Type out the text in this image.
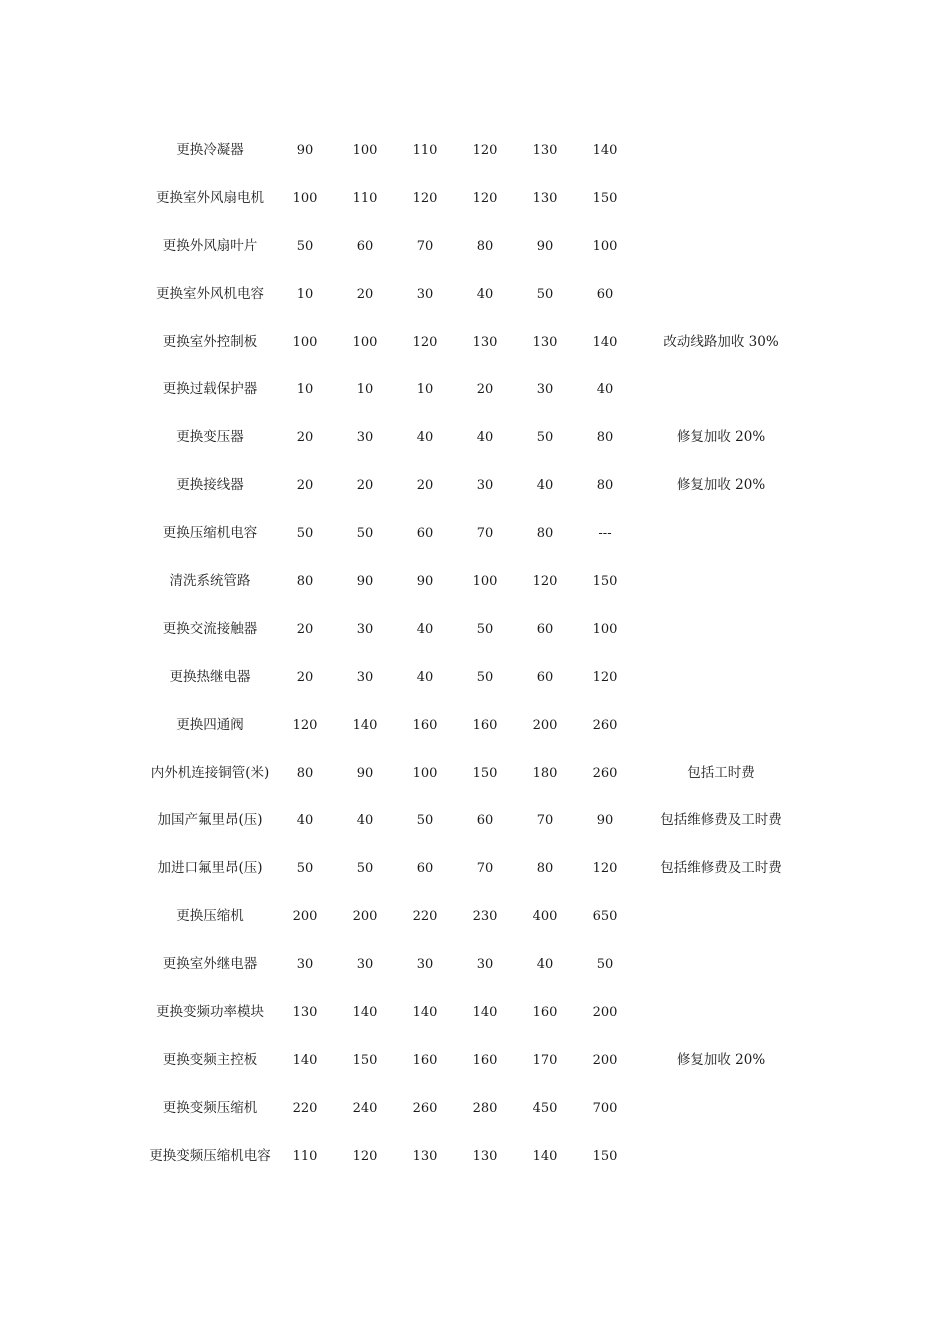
更换冷凝器	90	100	110	120	130	140
更换室外风扇电机	100	110	120	120	130	150
更换外风扇叶片	50	60	70	80	90	100
更换室外风机电容	10	20	30	40	50	60
更换室外控制板	100	100	120	130	130	140	改动线路加收 30%
更换过载保护器	10	10	10	20	30	40
更换变压器	20	30	40	40	50	80	修复加收 20%
更换接线器	20	20	20	30	40	80	修复加收 20%
更换压缩机电容	50	50	60	70	80	---
清洗系统管路	80	90	90	100	120	150
更换交流接触器	20	30	40	50	60	100
更换热继电器	20	30	40	50	60	120
更换四通阀	120	140	160	160	200	260
内外机连接铜管(米)	80	90	100	150	180	260	包括工时费
加国产氟里昂(压)	40	40	50	60	70	90	包括维修费及工时费
加进口氟里昂(压)	50	50	60	70	80	120	包括维修费及工时费
更换压缩机	200	200	220	230	400	650
更换室外继电器	30	30	30	30	40	50
更换变频功率模块	130	140	140	140	160	200
更换变频主控板	140	150	160	160	170	200	修复加收 20%
更换变频压缩机	220	240	260	280	450	700
更换变频压缩机电容	110	120	130	130	140	150
